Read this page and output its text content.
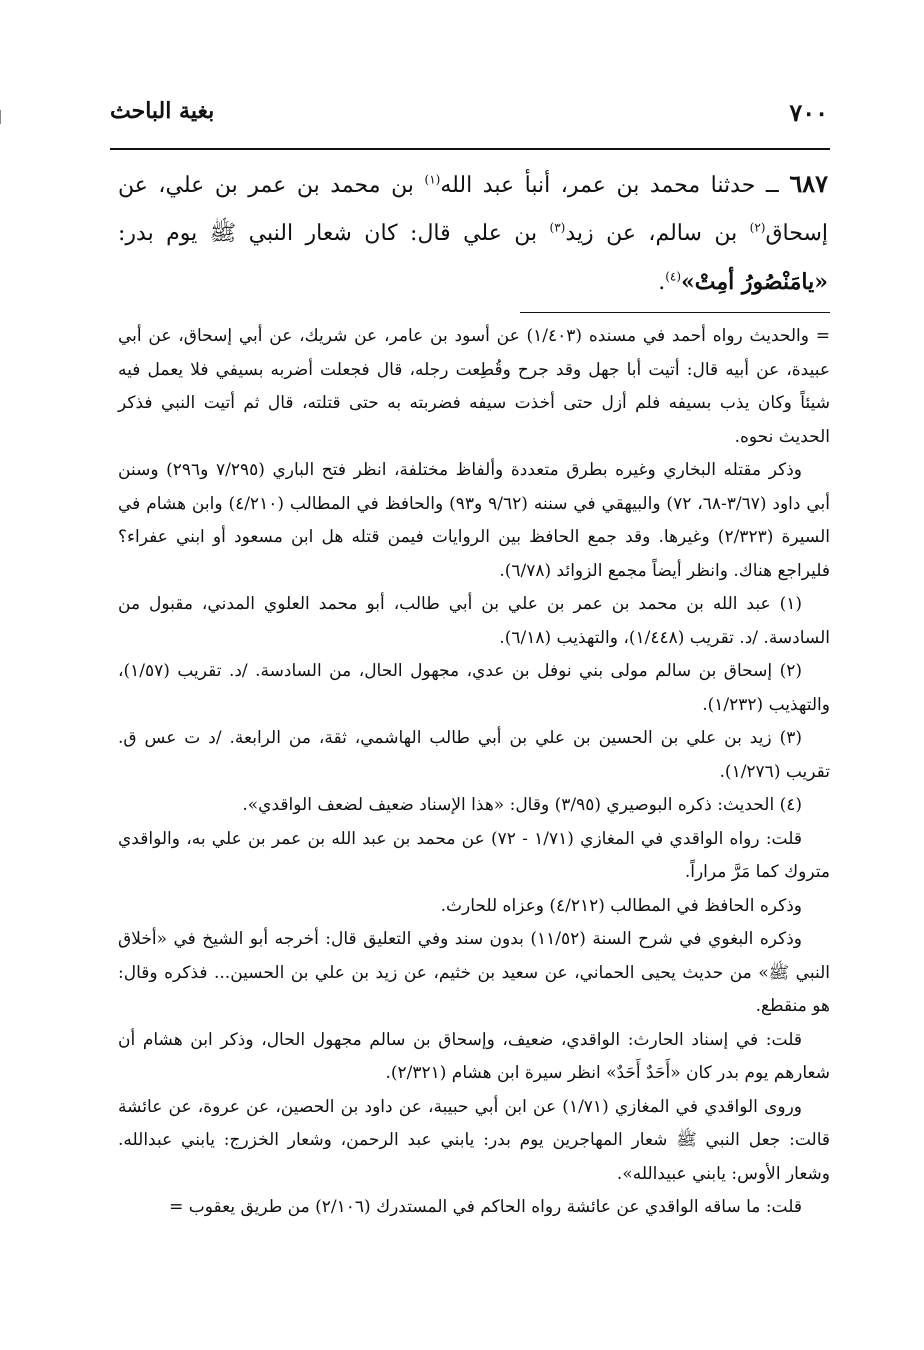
٧٠٠
بغية الباحث
٦٨٧ ــ حدثنا محمد بن عمر، أنبأ عبد الله$^{(١)}$ بن محمد بن عمر بن علي، عن إسحاق$^{(٢)}$ بن سالم، عن زيد$^{(٣)}$ بن علي قال: كان شعار النبي ﷺ يوم بدر: «يامَنْصُورُ أمِتْ»$^{(٤)}$.

= والحديث رواه أحمد في مسنده (١/٤٠٣) عن أسود بن عامر، عن شريك، عن أبي إسحاق، عن أبي عبيدة، عن أبيه قال: أتيت أبا جهل وقد جرح وقُطِعت رجله، قال فجعلت أضربه بسيفي فلا يعمل فيه شيئاً وكان يذب بسيفه فلم أزل حتى أخذت سيفه فضربته به حتى قتلته، قال ثم أتيت النبي فذكر الحديث نحوه.

وذكر مقتله البخاري وغيره بطرق متعددة وألفاظ مختلفة، انظر فتح الباري (٧/٢٩٥ و٢٩٦) وسنن أبي داود (٣/٦٧-٦٨، ٧٢) والبيهقي في سننه (٩/٦٢ و٩٣) والحافظ في المطالب (٤/٢١٠) وابن هشام في السيرة (٢/٣٢٣) وغيرها. وقد جمع الحافظ بين الروايات فيمن قتله هل ابن مسعود أو ابني عفراء؟ فليراجع هناك. وانظر أيضاً مجمع الزوائد (٦/٧٨).

(١) عبد الله بن محمد بن عمر بن علي بن أبي طالب، أبو محمد العلوي المدني، مقبول من السادسة. /د. تقريب (١/٤٤٨)، والتهذيب (٦/١٨).

(٢) إسحاق بن سالم مولى بني نوفل بن عدي، مجهول الحال، من السادسة. /د. تقريب (١/٥٧)، والتهذيب (١/٢٣٢).

(٣) زيد بن علي بن الحسين بن علي بن أبي طالب الهاشمي، ثقة، من الرابعة. /د ت عس ق. تقريب (١/٢٧٦).

(٤) الحديث: ذكره البوصيري (٣/٩٥) وقال: «هذا الإسناد ضعيف لضعف الواقدي».

قلت: رواه الواقدي في المغازي (١/٧١ - ٧٢) عن محمد بن عبد الله بن عمر بن علي به، والواقدي متروك كما مَرَّ مراراً.

وذكره الحافظ في المطالب (٤/٢١٢) وعزاه للحارث.

وذكره البغوي في شرح السنة (١١/٥٢) بدون سند وفي التعليق قال: أخرجه أبو الشيخ في «أخلاق النبي ﷺ» من حديث يحيى الحماني، عن سعيد بن خثيم، عن زيد بن علي بن الحسين... فذكره وقال: هو منقطع.

قلت: في إسناد الحارث: الواقدي، ضعيف، وإسحاق بن سالم مجهول الحال، وذكر ابن هشام أن شعارهم يوم بدر كان «أَحَدٌ أَحَدٌ» انظر سيرة ابن هشام (٢/٣٢١).

وروى الواقدي في المغازي (١/٧١) عن ابن أبي حبيبة، عن داود بن الحصين، عن عروة، عن عائشة قالت: جعل النبي ﷺ شعار المهاجرين يوم بدر: يابني عبد الرحمن، وشعار الخزرج: يابني عبدالله. وشعار الأوس: يابني عبيدالله».

قلت: ما ساقه الواقدي عن عائشة رواه الحاكم في المستدرك (٢/١٠٦) من طريق يعقوب =
